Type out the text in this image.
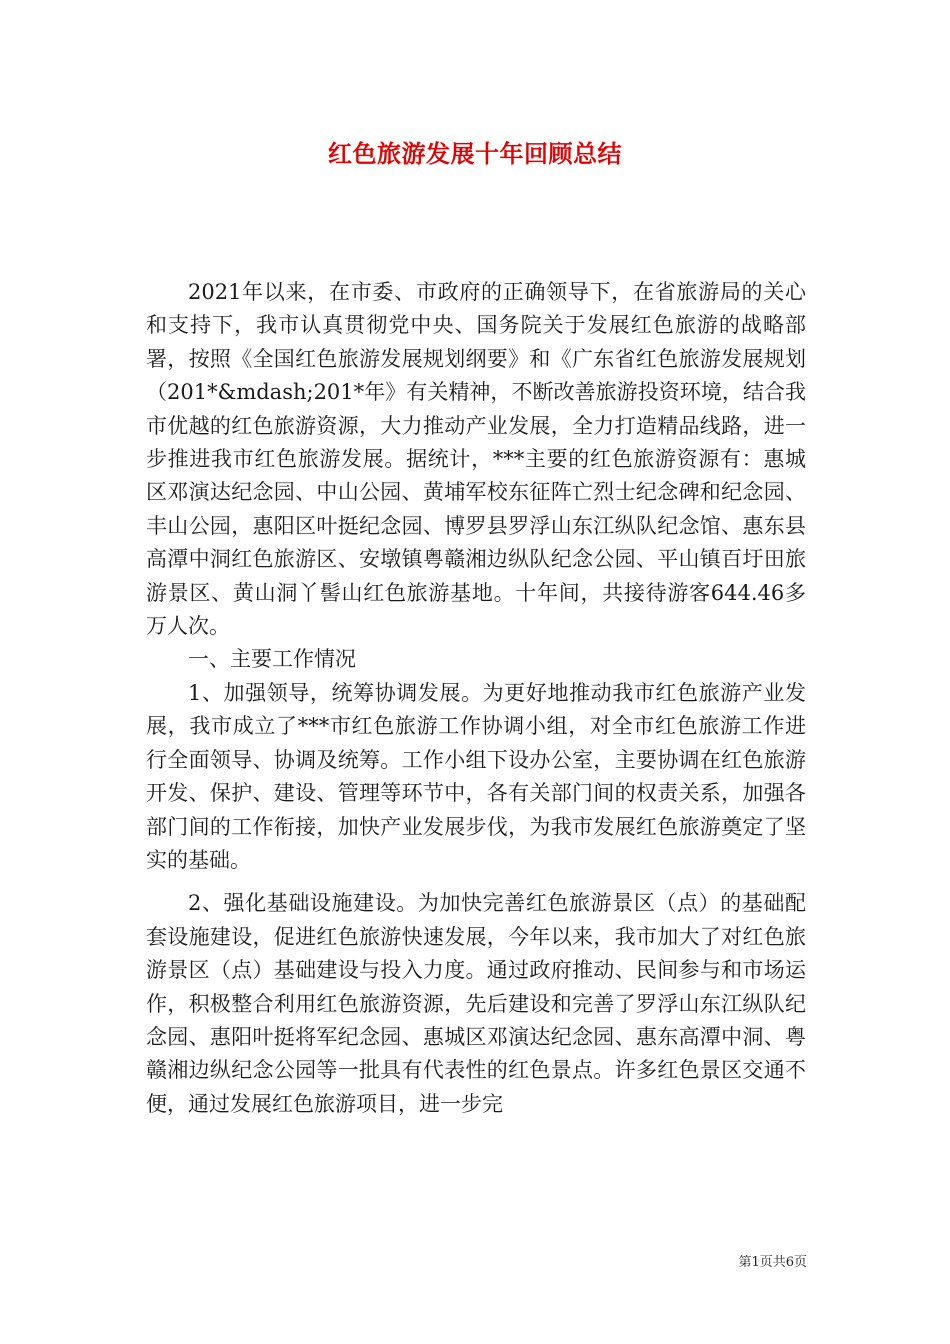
红色旅游发展十年回顾总结

2021年以来，在市委、市政府的正确领导下，在省旅游局的关心和支持下，我市认真贯彻党中央、国务院关于发展红色旅游的战略部署，按照《全国红色旅游发展规划纲要》和《广东省红色旅游发展规划（201*&mdash;201*年》有关精神，不断改善旅游投资环境，结合我市优越的红色旅游资源，大力推动产业发展，全力打造精品线路，进一步推进我市红色旅游发展。据统计，***主要的红色旅游资源有：惠城区邓演达纪念园、中山公园、黄埔军校东征阵亡烈士纪念碑和纪念园、丰山公园，惠阳区叶挺纪念园、博罗县罗浮山东江纵队纪念馆、惠东县高潭中洞红色旅游区、安墩镇粤赣湘边纵队纪念公园、平山镇百圩田旅游景区、黄山洞丫髻山红色旅游基地。十年间，共接待游客644.46多万人次。

一、主要工作情况

1、加强领导，统筹协调发展。为更好地推动我市红色旅游产业发展，我市成立了***市红色旅游工作协调小组，对全市红色旅游工作进行全面领导、协调及统筹。工作小组下设办公室，主要协调在红色旅游开发、保护、建设、管理等环节中，各有关部门间的权责关系，加强各部门间的工作衔接，加快产业发展步伐，为我市发展红色旅游奠定了坚实的基础。

2、强化基础设施建设。为加快完善红色旅游景区（点）的基础配套设施建设，促进红色旅游快速发展，今年以来，我市加大了对红色旅游景区（点）基础建设与投入力度。通过政府推动、民间参与和市场运作，积极整合利用红色旅游资源，先后建设和完善了罗浮山东江纵队纪念园、惠阳叶挺将军纪念园、惠城区邓演达纪念园、惠东高潭中洞、粤赣湘边纵纪念公园等一批具有代表性的红色景点。许多红色景区交通不便，通过发展红色旅游项目，进一步完

第1页共6页
